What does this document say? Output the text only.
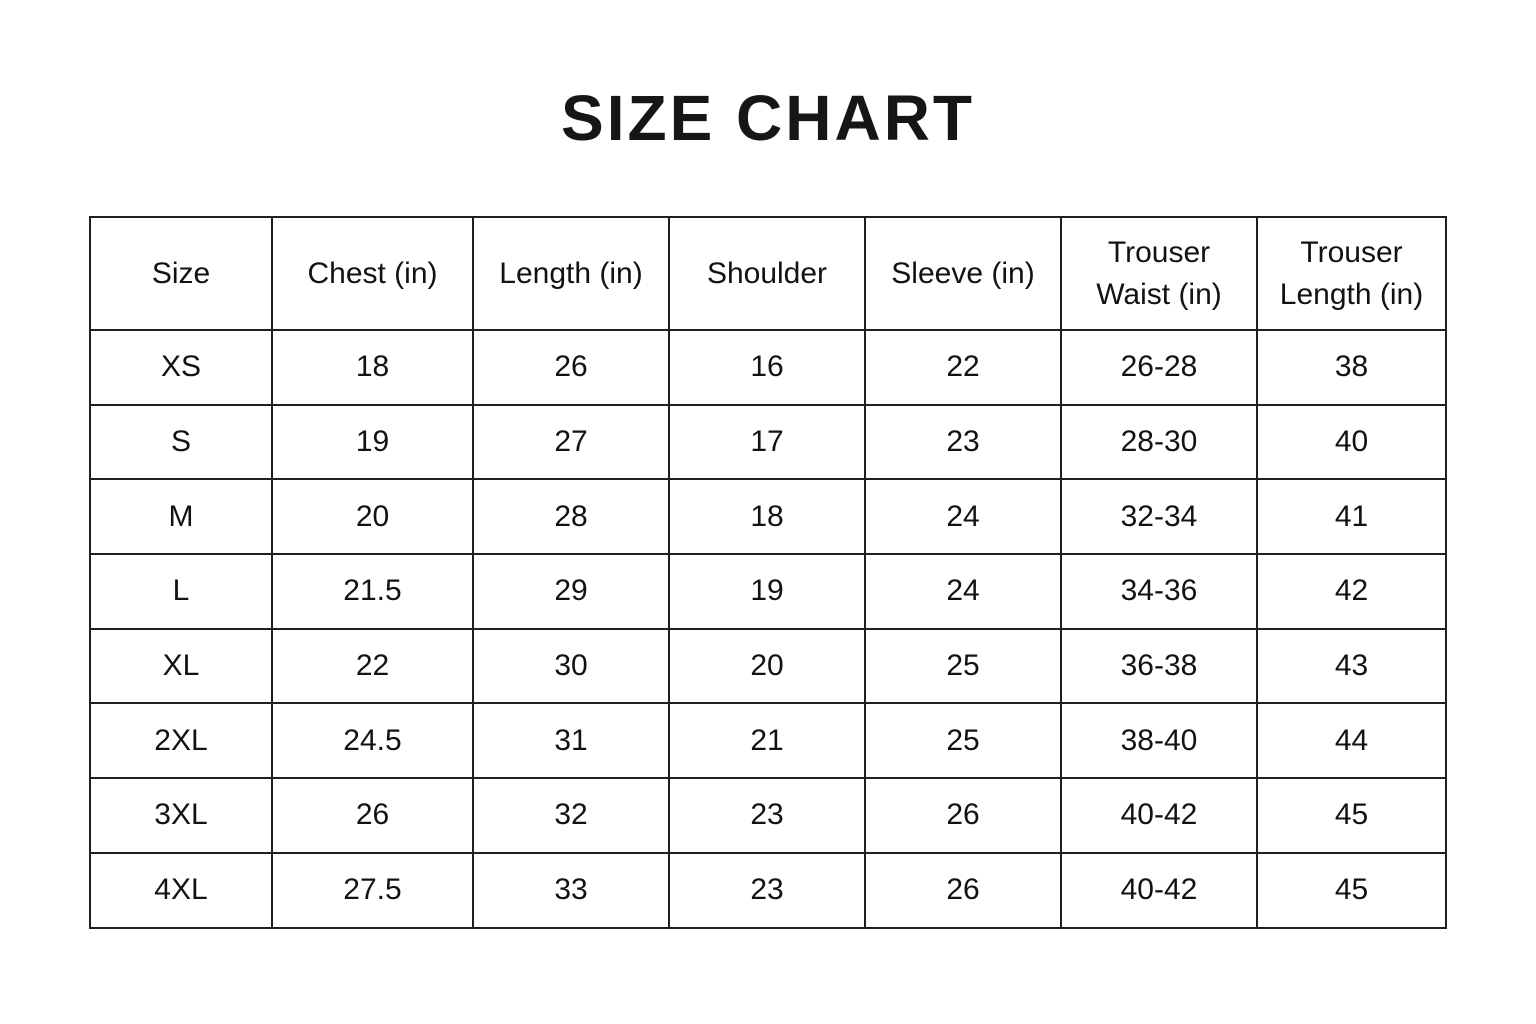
SIZE CHART
Size	Chest (in)	Length (in)	Shoulder	Sleeve (in)	Trouser Waist (in)	Trouser Length (in)
XS	18	26	16	22	26-28	38
S	19	27	17	23	28-30	40
M	20	28	18	24	32-34	41
L	21.5	29	19	24	34-36	42
XL	22	30	20	25	36-38	43
2XL	24.5	31	21	25	38-40	44
3XL	26	32	23	26	40-42	45
4XL	27.5	33	23	26	40-42	45
